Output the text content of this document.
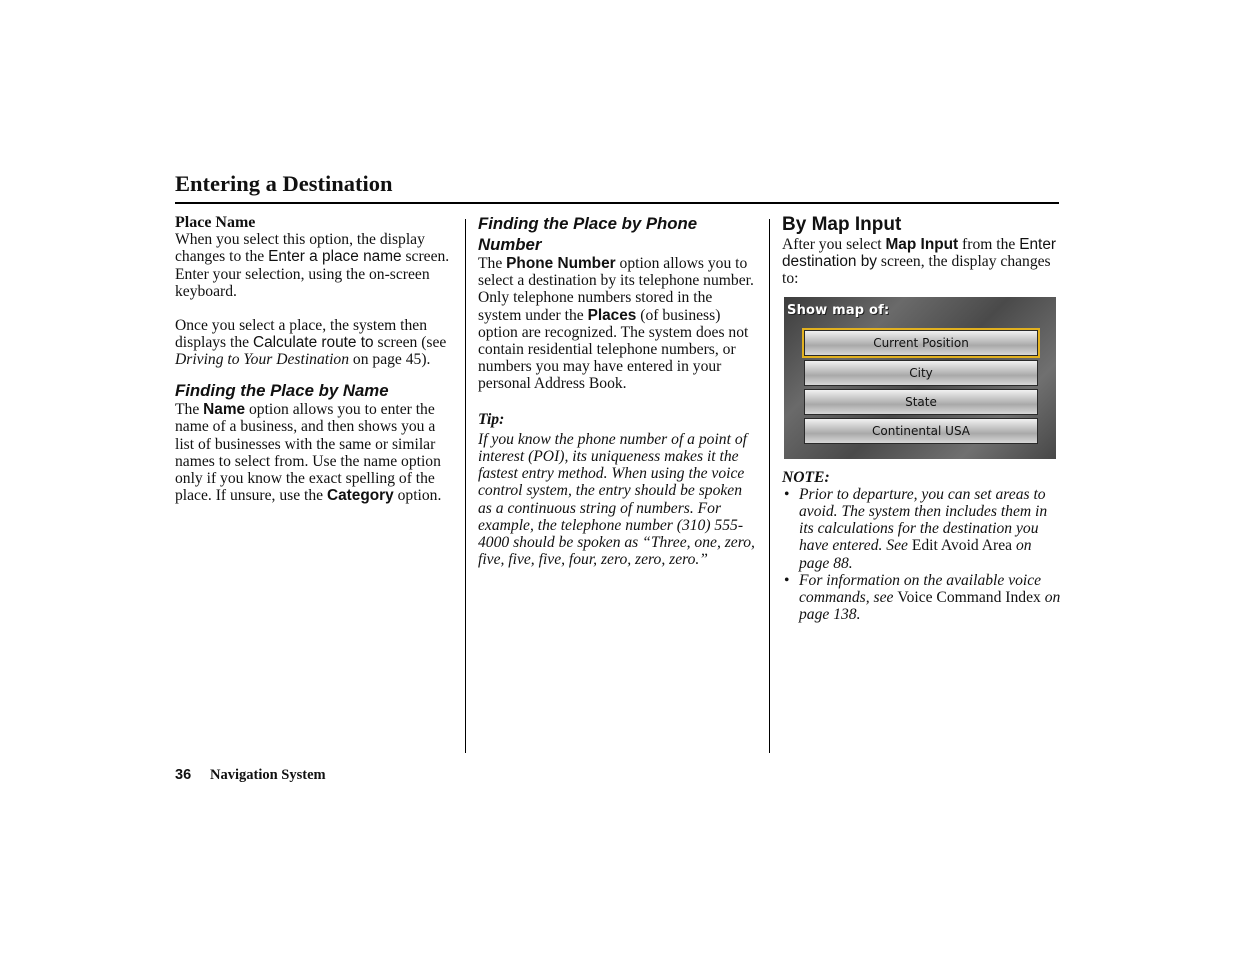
Entering a Destination
Place Name

When you select this option, the display changes to the Enter a place name screen. Enter your selection, using the on-screen keyboard.

Once you select a place, the system then displays the Calculate route to screen (see Driving to Your Destination on page 45).

Finding the Place by Name

The Name option allows you to enter the name of a business, and then shows you a list of businesses with the same or similar names to select from. Use the name option only if you know the exact spelling of the place. If unsure, use the Category option.

Finding the Place by Phone Number

The Phone Number option allows you to select a destination by its telephone number. Only telephone numbers stored in the system under the Places (of business) option are recognized. The system does not contain residential telephone numbers, or numbers you may have entered in your personal Address Book.

Tip:

If you know the phone number of a point of interest (POI), its uniqueness makes it the fastest entry method. When using the voice control system, the entry should be spoken as a continuous string of numbers. For example, the telephone number (310) 555-4000 should be spoken as “Three, one, zero, five, five, five, four, zero, zero, zero.”

By Map Input

After you select Map Input from the Enter destination by screen, the display changes to:

NOTE:
• Prior to departure, you can set areas to avoid. The system then includes them in its calculations for the destination you have entered. See Edit Avoid Area on page 88.
• For information on the available voice commands, see Voice Command Index on page 138.
Show map of:
Current Position
City
State
Continental USA
36 Navigation System
